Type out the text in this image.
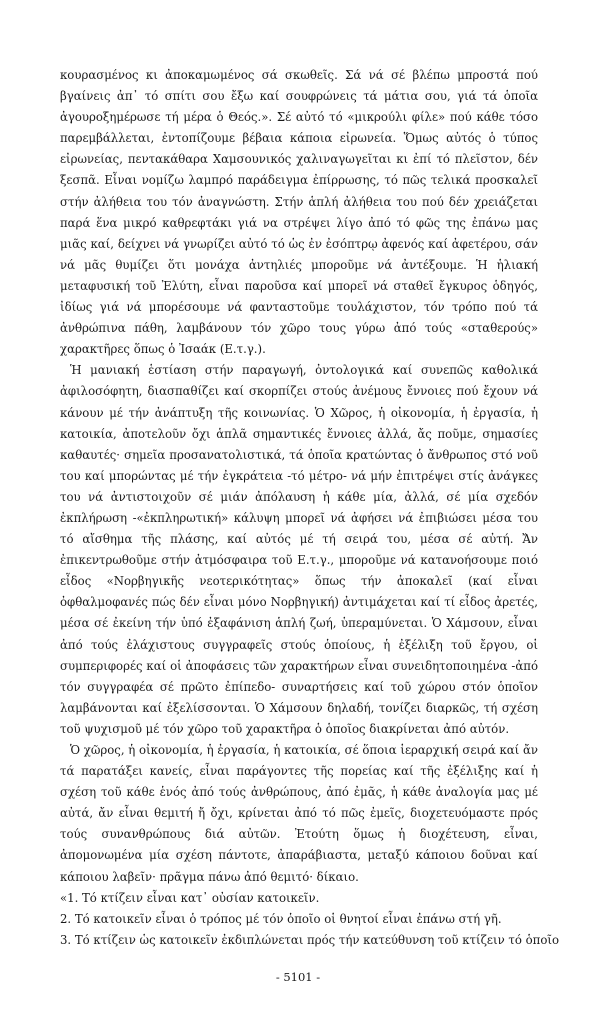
κουρασμένος κι ἀποκαμωμένος σά σκωθεῖς. Σά νά σέ βλέπω μπροστά πού βγαίνεις ἀπ᾽ τό σπίτι σου ἔξω καί σουφρώνεις τά μάτια σου, γιά τά ὁποῖα ἀγουροξημέρωσε τή μέρα ὁ Θεός.». Σέ αὐτό τό «μικρούλι φίλε» πού κάθε τόσο παρεμβάλλεται, ἐντοπίζουμε βέβαια κάποια εἰρωνεία. Ὅμως αὐτός ὁ τύπος εἰρωνείας, πεντακάθαρα Χαμσουνικός χαλιναγωγεῖται κι ἐπί τό πλεῖστον, δέν ξεσπᾶ. Εἶναι νομίζω λαμπρό παράδειγμα ἐπίρρωσης, τό πῶς τελικά προσκαλεῖ στήν ἀλήθεια του τόν ἀναγνώστη. Στήν ἁπλή ἀλήθεια του πού δέν χρειάζεται παρά ἕνα μικρό καθρεφτάκι γιά να στρέψει λίγο ἀπό τό φῶς της ἐπάνω μας μιᾶς καί, δείχνει νά γνωρίζει αὐτό τό ὡς ἐν ἐσόπτρῳ ἀφενός καί ἀφετέρου, σάν νά μᾶς θυμίζει ὅτι μονάχα ἀντηλιές μποροῦμε νά ἀντέξουμε. Ἡ ἡλιακή μεταφυσική τοῦ Ἐλύτη, εἶναι παροῦσα καί μπορεῖ νά σταθεῖ ἔγκυρος ὁδηγός, ἰδίως γιά νά μπορέσουμε νά φανταστοῦμε τουλάχιστον, τόν τρόπο πού τά ἀνθρώπινα πάθη, λαμβάνουν τόν χῶρο τους γύρω ἀπό τούς «σταθερούς» χαρακτῆρες ὅπως ὁ Ἰσαάκ (Ε.τ.γ.).

Ἡ μανιακή ἑστίαση στήν παραγωγή, ὀντολογικά καί συνεπῶς καθολικά ἀφιλοσόφητη, διασπαθίζει καί σκορπίζει στούς ἀνέμους ἔννοιες πού ἔχουν νά κάνουν μέ τήν ἀνάπτυξη τῆς κοινωνίας. Ὁ Χῶρος, ἡ οἰκονομία, ἡ ἐργασία, ἡ κατοικία, ἀποτελοῦν ὄχι ἁπλᾶ σημαντικές ἔννοιες ἀλλά, ἄς ποῦμε, σημασίες καθαυτές· σημεῖα προσανατολιστικά, τά ὁποῖα κρατώντας ὁ ἄνθρωπος στό νοῦ του καί μπορώντας μέ τήν ἐγκράτεια -τό μέτρο- νά μήν ἐπιτρέψει στίς ἀνάγκες του νά ἀντιστοιχοῦν σέ μιάν ἀπόλαυση ἡ κάθε μία, ἀλλά, σέ μία σχεδόν ἐκπλήρωση -«ἐκπληρωτική» κάλυψη μπορεῖ νά ἀφήσει νά ἐπιβιώσει μέσα του τό αἴσθημα τῆς πλάσης, καί αὐτός μέ τή σειρά του, μέσα σέ αὐτή. Ἄν ἐπικεντρωθοῦμε στήν ἀτμόσφαιρα τοῦ Ε.τ.γ., μποροῦμε νά κατανοήσουμε ποιό εἶδος «Νορβηγικῆς νεοτερικότητας» ὅπως τήν ἀποκαλεῖ (καί εἶναι ὀφθαλμοφανές πώς δέν εἶναι μόνο Νορβηγική) ἀντιμάχεται καί τί εἶδος ἀρετές, μέσα σέ ἐκείνη τήν ὑπό ἐξαφάνιση ἁπλή ζωή, ὑπεραμύνεται. Ὁ Χάμσουν, εἶναι ἀπό τούς ἐλάχιστους συγγραφεῖς στούς ὁποίους, ἡ ἐξέλιξη τοῦ ἔργου, οἱ συμπεριφορές καί οἱ ἀποφάσεις τῶν χαρακτήρων εἶναι συνειδητοποιημένα -ἀπό τόν συγγραφέα σέ πρῶτο ἐπίπεδο- συναρτήσεις καί τοῦ χώρου στόν ὁποῖον λαμβάνονται καί ἐξελίσσονται. Ὁ Χάμσουν δηλαδή, τονίζει διαρκῶς, τή σχέση τοῦ ψυχισμοῦ μέ τόν χῶρο τοῦ χαρακτῆρα ὁ ὁποῖος διακρίνεται ἀπό αὐτόν.

Ὁ χῶρος, ἡ οἰκονομία, ἡ ἐργασία, ἡ κατοικία, σέ ὅποια ἱεραρχική σειρά καί ἄν τά παρατάξει κανείς, εἶναι παράγοντες τῆς πορείας καί τῆς ἐξέλιξης καί ἡ σχέση τοῦ κάθε ἑνός ἀπό τούς ἀνθρώπους, ἀπό ἐμᾶς, ἡ κάθε ἀναλογία μας μέ αὐτά, ἄν εἶναι θεμιτή ἤ ὄχι, κρίνεται ἀπό τό πῶς ἐμεῖς, διοχετευόμαστε πρός τούς συνανθρώπους διά αὐτῶν. Ἐτούτη ὅμως ἡ διοχέτευση, εἶναι, ἀπομονωμένα μία σχέση πάντοτε, ἀπαράβιαστα, μεταξύ κάποιου δοῦναι καί κάποιου λαβεῖν· πρᾶγμα πάνω ἀπό θεμιτό· δίκαιο.

«1. Τό κτίζειν εἶναι κατ᾽ οὐσίαν κατοικεῖν.

2. Τό κατοικεῖν εἶναι ὁ τρόπος μέ τόν ὁποῖο οἱ θνητοί εἶναι ἐπάνω στή γῆ.

3. Τό κτίζειν ὡς κατοικεῖν ἐκδιπλώνεται πρός τήν κατεύθυνση τοῦ κτίζειν τό ὁποῖο

- 5101 -
